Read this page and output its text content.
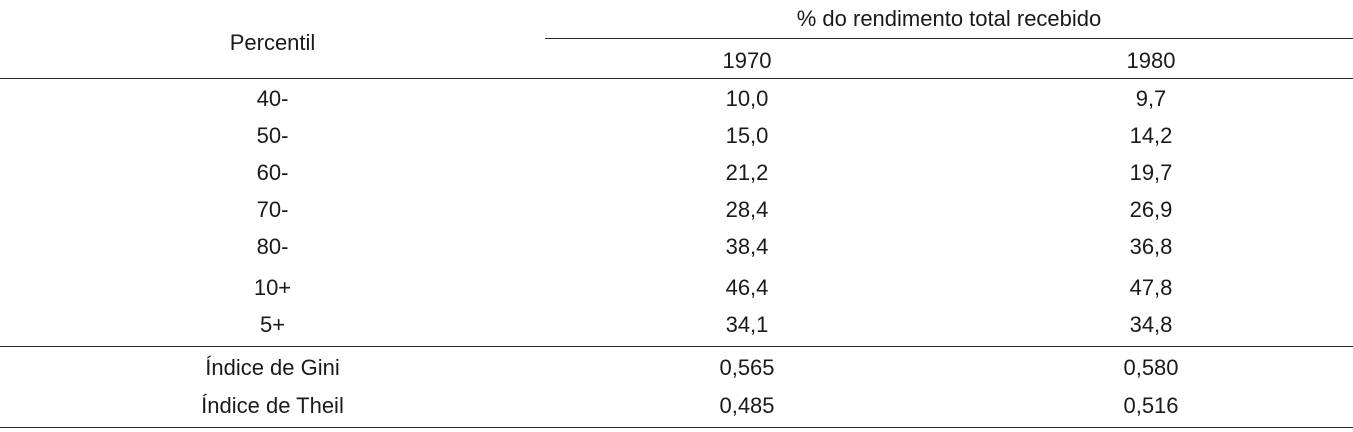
Percentil
% do rendimento total recebido
1970	1980
40-	10,0	9,7
50-	15,0	14,2
60-	21,2	19,7
70-	28,4	26,9
80-	38,4	36,8
10+	46,4	47,8
5+	34,1	34,8
Índice de Gini	0,565	0,580
Índice de Theil	0,485	0,516
